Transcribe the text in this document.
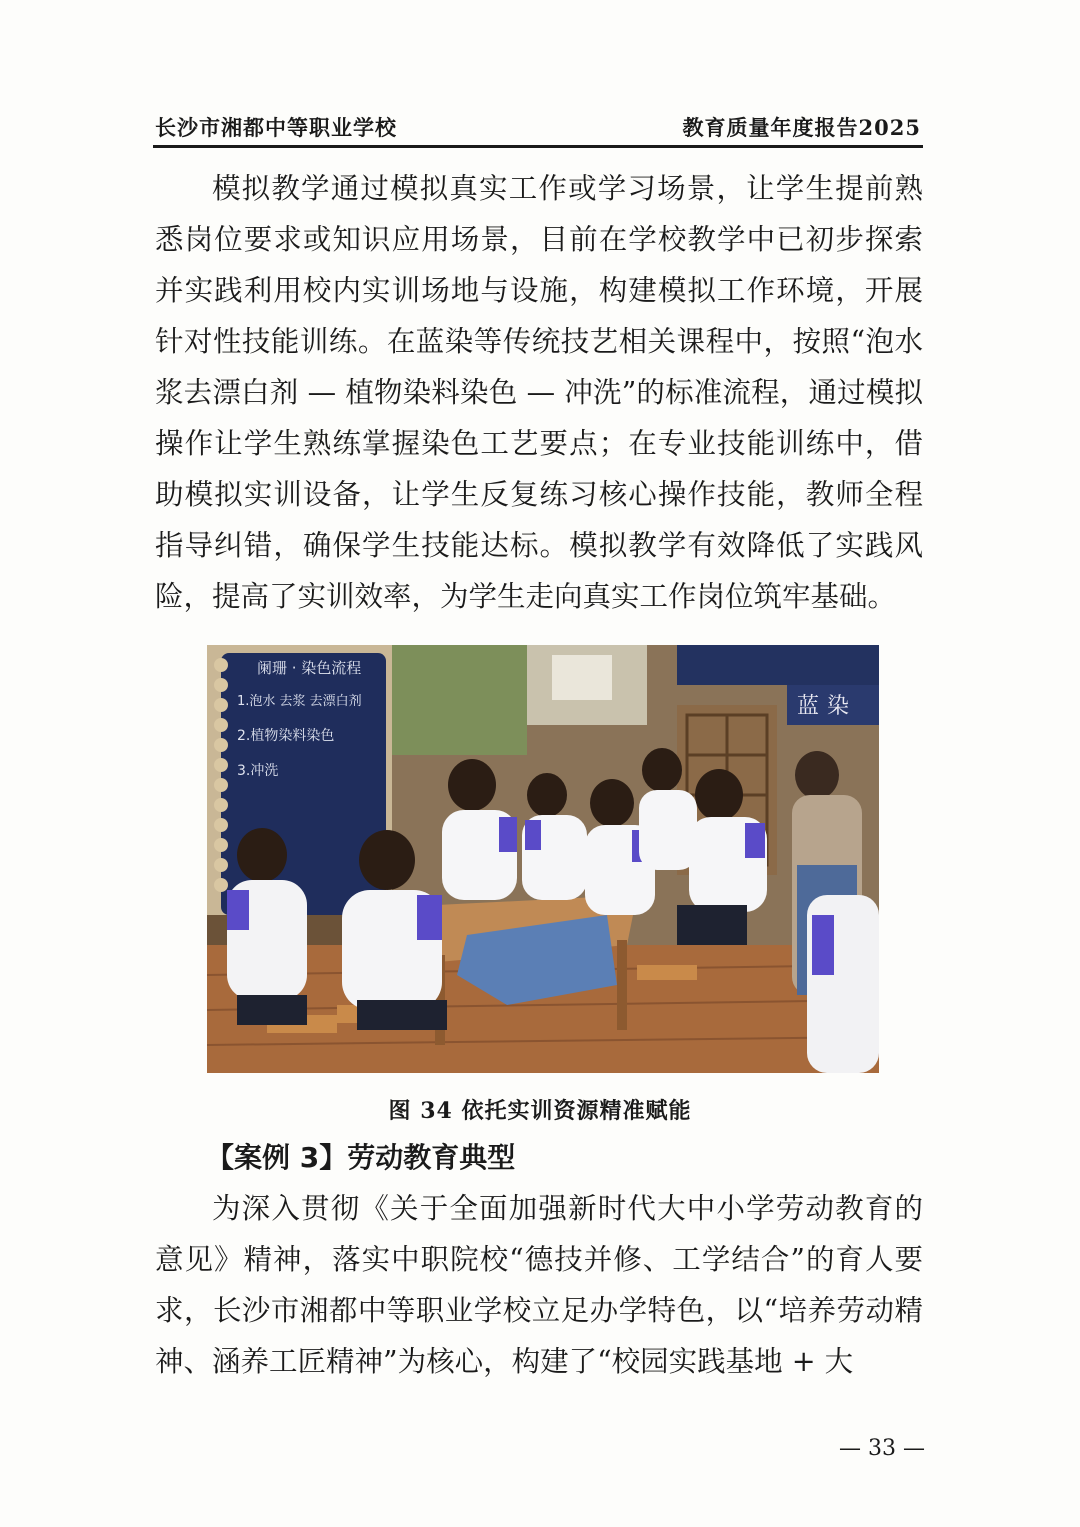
长沙市湘都中等职业学校	教育质量年度报告2025

模拟教学通过模拟真实工作或学习场景，让学生提前熟悉岗位要求或知识应用场景，目前在学校教学中已初步探索并实践利用校内实训场地与设施，构建模拟工作环境，开展针对性技能训练。在蓝染等传统技艺相关课程中，按照“泡水浆去漂白剂 — 植物染料染色 — 冲洗”的标准流程，通过模拟操作让学生熟练掌握染色工艺要点；在专业技能训练中，借助模拟实训设备，让学生反复练习核心操作技能，教师全程指导纠错，确保学生技能达标。模拟教学有效降低了实践风险，提高了实训效率，为学生走向真实工作岗位筑牢基础。

蓝 染
阑珊 · 染色流程
1.泡水 去浆 去漂白剂
2.植物染料染色
3.冲洗
图 34 依托实训资源精准赋能
【案例 3】劳动教育典型

为深入贯彻《关于全面加强新时代大中小学劳动教育的意见》精神，落实中职院校“德技并修、工学结合”的育人要求，长沙市湘都中等职业学校立足办学特色，以“培养劳动精神、涵养工匠精神”为核心，构建了“校园实践基地 + 大

— 33 —
